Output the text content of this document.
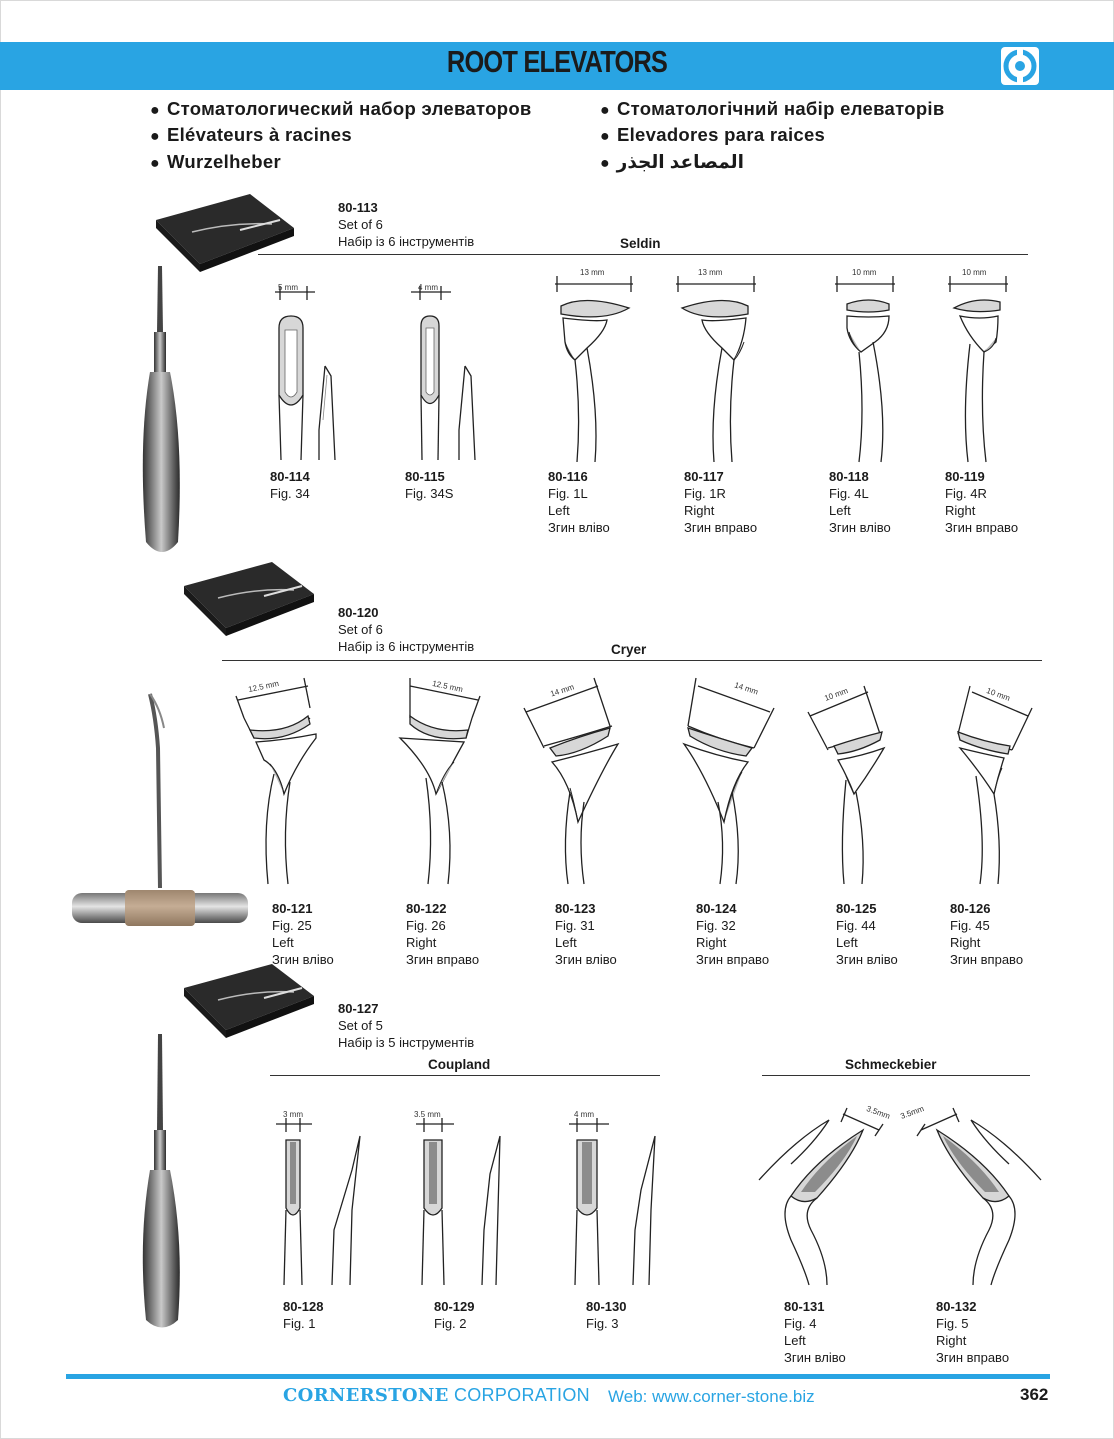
ROOT ELEVATORS
● Стоматологический набор элеваторов
● Elévateurs à racines
● Wurzelheber
● Стоматологічний набір елеваторів
● Elevadores para raices
● المصاعد الجذر
80-113
Set of 6
Набір із 6 інструментів	Seldin
5 mm	4 mm
13 mm	13 mm	10 mm	10 mm
80-114
Fig. 34
80-115
Fig. 34S
80-116
Fig. 1L
Left
Згин вліво
80-117
Fig. 1R
Right
Згин вправо
80-118
Fig. 4L
Left
Згин вліво
80-119
Fig. 4R
Right
Згин вправо
80-120
Set of 6
Набір із 6 інструментів	Cryer
12.5 mm	12.5 mm	14 mm	14 mm	10 mm	10 mm
80-121
Fig. 25
Left
Згин вліво
80-122
Fig. 26
Right
Згин вправо
80-123
Fig. 31
Left
Згин вліво
80-124
Fig. 32
Right
Згин вправо
80-125
Fig. 44
Left
Згин вліво
80-126
Fig. 45
Right
Згин вправо
80-127
Set of 5
Набір із 5 інструментів
Coupland	Schmeckebier
3 mm	3.5 mm	4 mm	3.5mm 3.5mm
80-128
Fig. 1
80-129
Fig. 2
80-130
Fig. 3
80-131
Fig. 4
Left
Згин вліво
80-132
Fig. 5
Right
Згин вправо
CORNERSTONE CORPORATION Web: www.corner-stone.biz	362
